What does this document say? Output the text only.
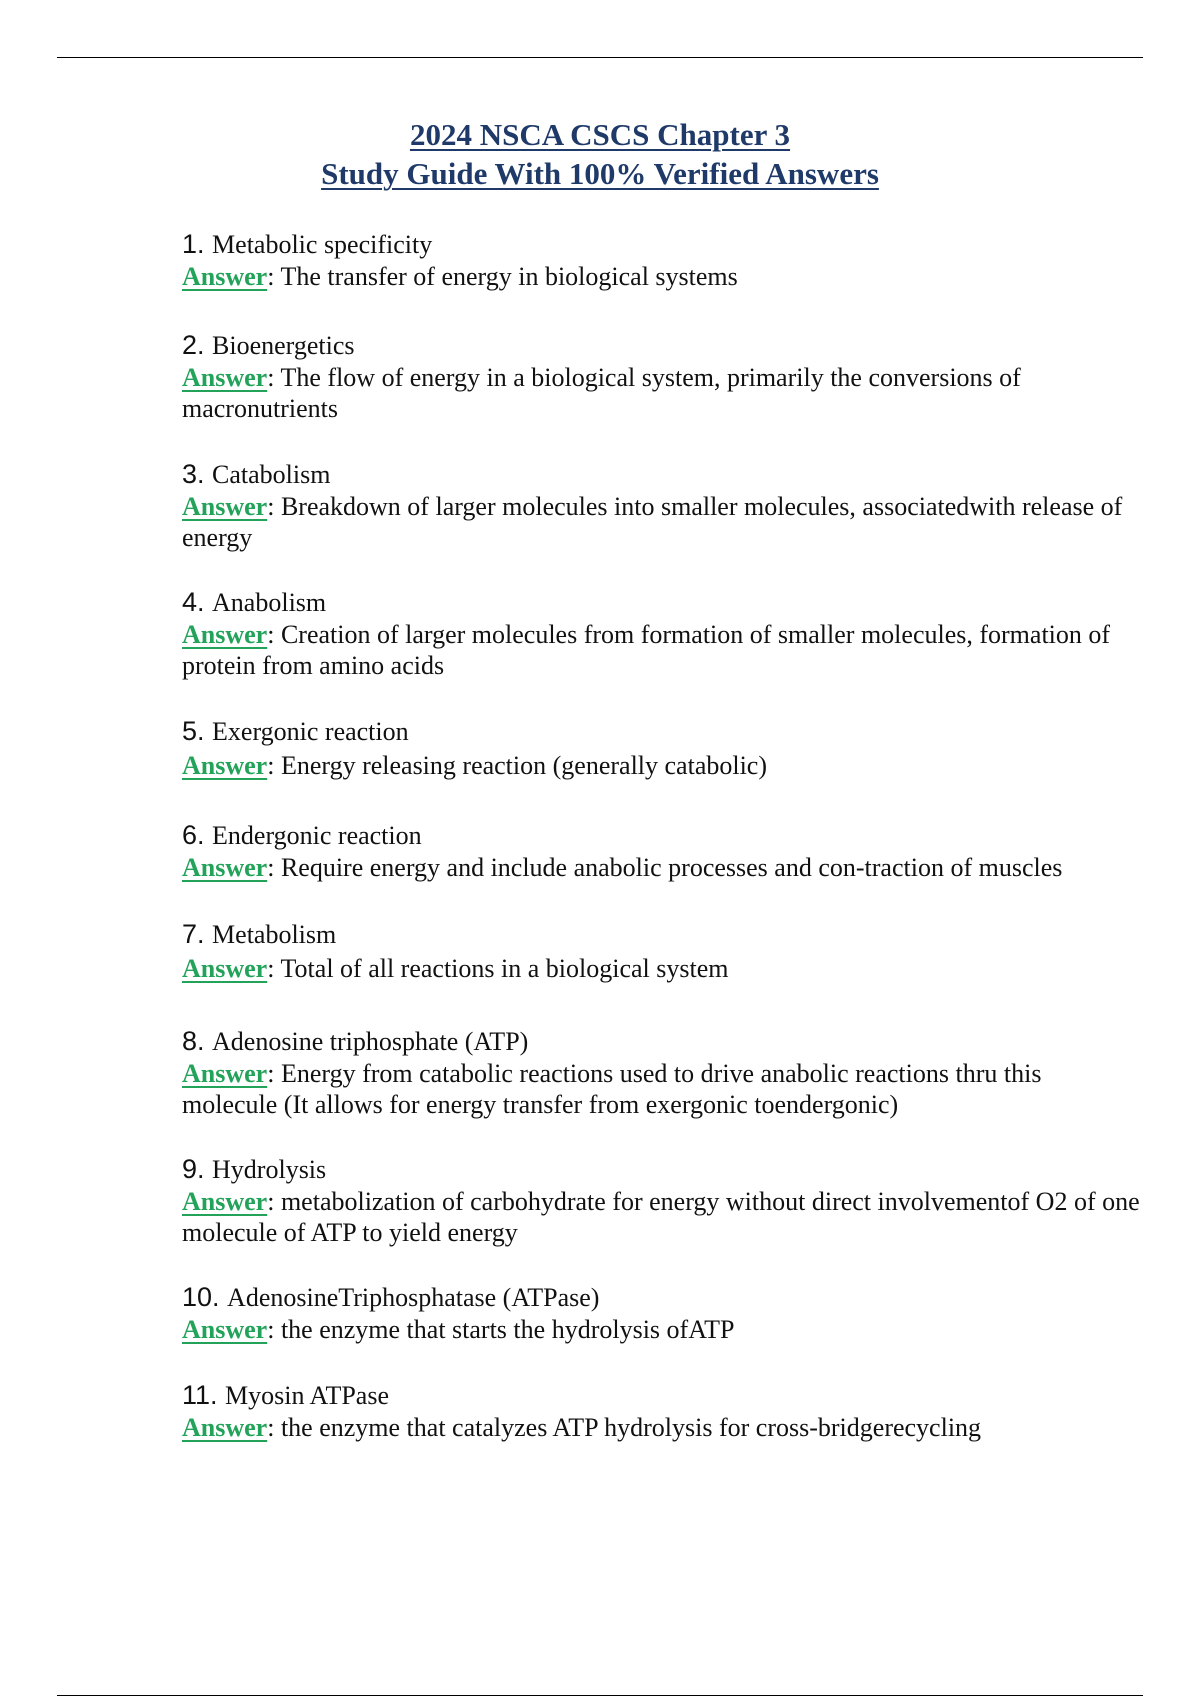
2024 NSCA CSCS Chapter 3
Study Guide With 100% Verified Answers

1. Metabolic specificity

Answer: The transfer of energy in biological systems

2. Bioenergetics

Answer: The flow of energy in a biological system, primarily the conversions of macronutrients

3. Catabolism

Answer: Breakdown of larger molecules into smaller molecules, associatedwith release of energy

4. Anabolism

Answer: Creation of larger molecules from formation of smaller molecules, formation of protein from amino acids

5. Exergonic reaction

Answer: Energy releasing reaction (generally catabolic)

6. Endergonic reaction

Answer: Require energy and include anabolic processes and con-traction of muscles

7. Metabolism

Answer: Total of all reactions in a biological system

8. Adenosine triphosphate (ATP)

Answer: Energy from catabolic reactions used to drive anabolic reactions thru this molecule (It allows for energy transfer from exergonic toendergonic)

9. Hydrolysis

Answer: metabolization of carbohydrate for energy without direct involvementof O2 of one molecule of ATP to yield energy

10. AdenosineTriphosphatase (ATPase)

Answer: the enzyme that starts the hydrolysis ofATP

11. Myosin ATPase

Answer: the enzyme that catalyzes ATP hydrolysis for cross-bridgerecycling
